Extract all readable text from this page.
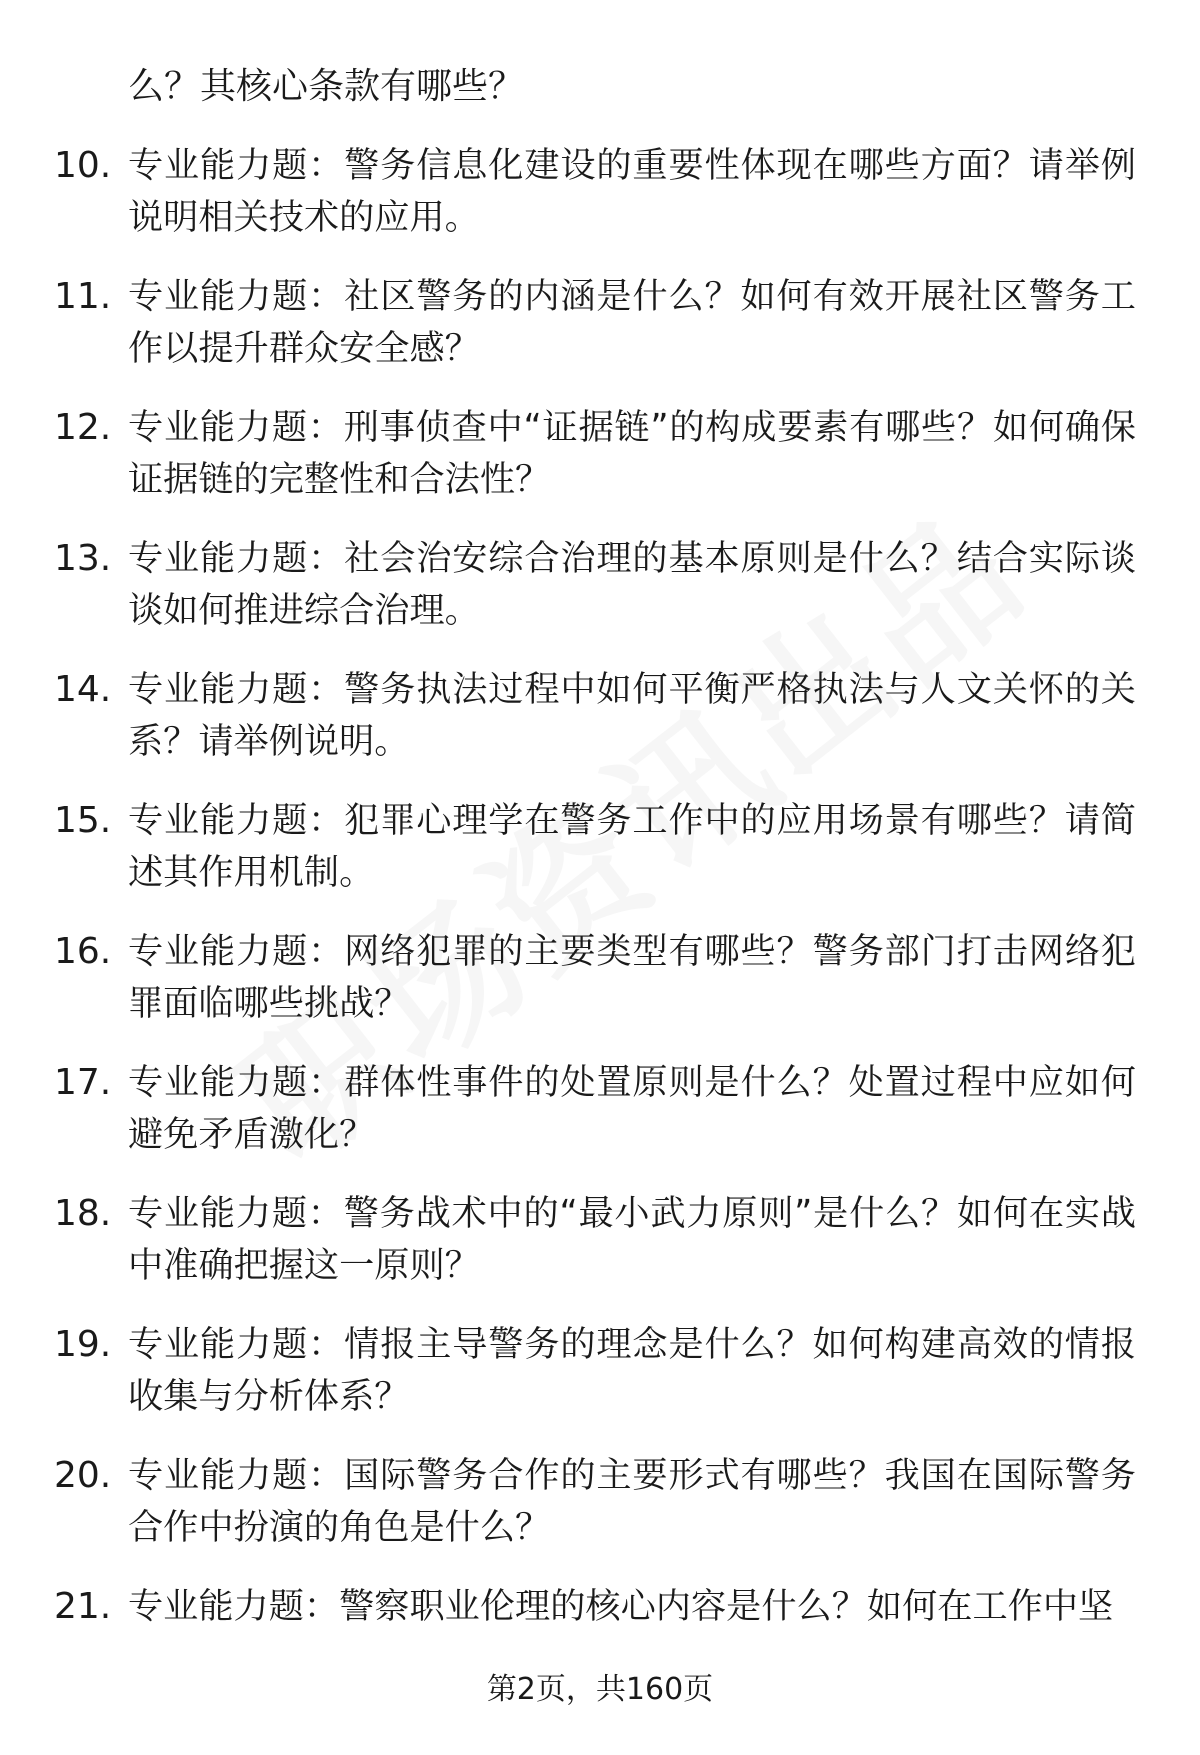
么？其核心条款有哪些？
10. 专业能力题：警务信息化建设的重要性体现在哪些方面？请举例说明相关技术的应用。
11. 专业能力题：社区警务的内涵是什么？如何有效开展社区警务工作以提升群众安全感？
12. 专业能力题：刑事侦查中“证据链”的构成要素有哪些？如何确保证据链的完整性和合法性？
13. 专业能力题：社会治安综合治理的基本原则是什么？结合实际谈谈如何推进综合治理。
14. 专业能力题：警务执法过程中如何平衡严格执法与人文关怀的关系？请举例说明。
15. 专业能力题：犯罪心理学在警务工作中的应用场景有哪些？请简述其作用机制。
16. 专业能力题：网络犯罪的主要类型有哪些？警务部门打击网络犯罪面临哪些挑战？
17. 专业能力题：群体性事件的处置原则是什么？处置过程中应如何避免矛盾激化？
18. 专业能力题：警务战术中的“最小武力原则”是什么？如何在实战中准确把握这一原则？
19. 专业能力题：情报主导警务的理念是什么？如何构建高效的情报收集与分析体系？
20. 专业能力题：国际警务合作的主要形式有哪些？我国在国际警务合作中扮演的角色是什么？
21. 专业能力题：警察职业伦理的核心内容是什么？如何在工作中坚
第2页，共160页
